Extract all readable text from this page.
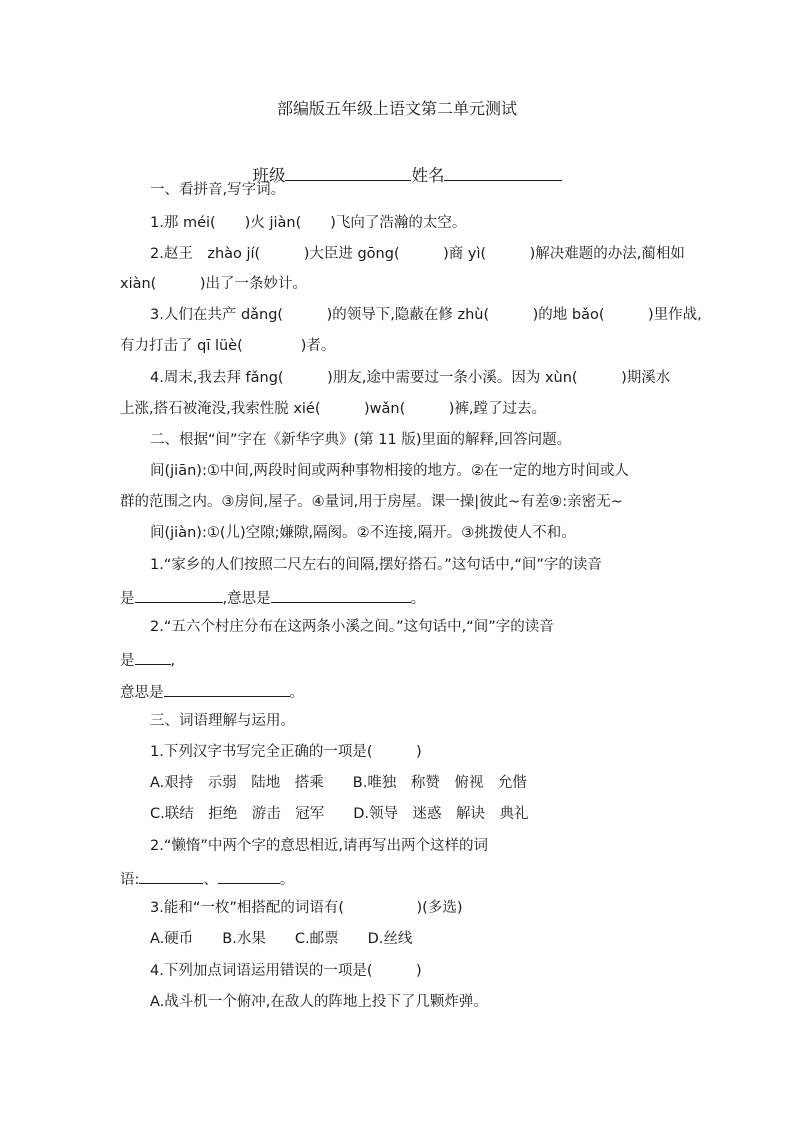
部编版五年级上语文第二单元测试

班级	姓名

一、看拼音,写字词。
1.那 méi(　　)火 jiàn(　　)飞向了浩瀚的太空。
2.赵王　zhào jí(　　　)大臣进 gōng(　　　)商 yì(　　　)解决难题的办法,蔺相如
xiàn(　　　)出了一条妙计。
3.人们在共产 dǎng(　　　)的领导下,隐蔽在修 zhù(　　　)的地 bǎo(　　　)里作战,
有力打击了 qī lüè(　　　　)者。
4.周末,我去拜 fǎng(　　　)朋友,途中需要过一条小溪。因为 xùn(　　　)期溪水
上涨,搭石被淹没,我索性脱 xié(　　　)wǎn(　　　)裤,蹚了过去。
二、根据“间”字在《新华字典》(第 11 版)里面的解释,回答问题。
间(jiān):①中间,两段时间或两种事物相接的地方。②在一定的地方时间或人
群的范围之内。③房间,屋子。④量词,用于房屋。课一操|彼此~有差⑨:亲密无~
间(jiàn):①(儿)空隙;嫌隙,隔阂。②不连接,隔开。③挑拨使人不和。
1.“家乡的人们按照二尺左右的间隔,摆好搭石。”这句话中,“间”字的读音
是	,意思是	。
2.“五六个村庄分布在这两条小溪之间。”这句话中,“间”字的读音
是 ,
意思是	。
三、词语理解与运用。
1.下列汉字书写完全正确的一项是(　　　)
A.艰持　示弱　陆地　搭乘　　B.唯独　称赞　俯视　允偕
C.联结　拒绝　游击　冠军　　D.领导　迷惑　解诀　典礼
2.“懒惰”中两个字的意思相近,请再写出两个这样的词
语:	、	。
3.能和“一枚”相搭配的词语有(　　　　　)(多选)
A.硬币　　B.水果　　C.邮票　　D.丝线
4.下列加点词语运用错误的一项是(　　　)
A.战斗机一个俯冲,在敌人的阵地上投下了几颗炸弹。
